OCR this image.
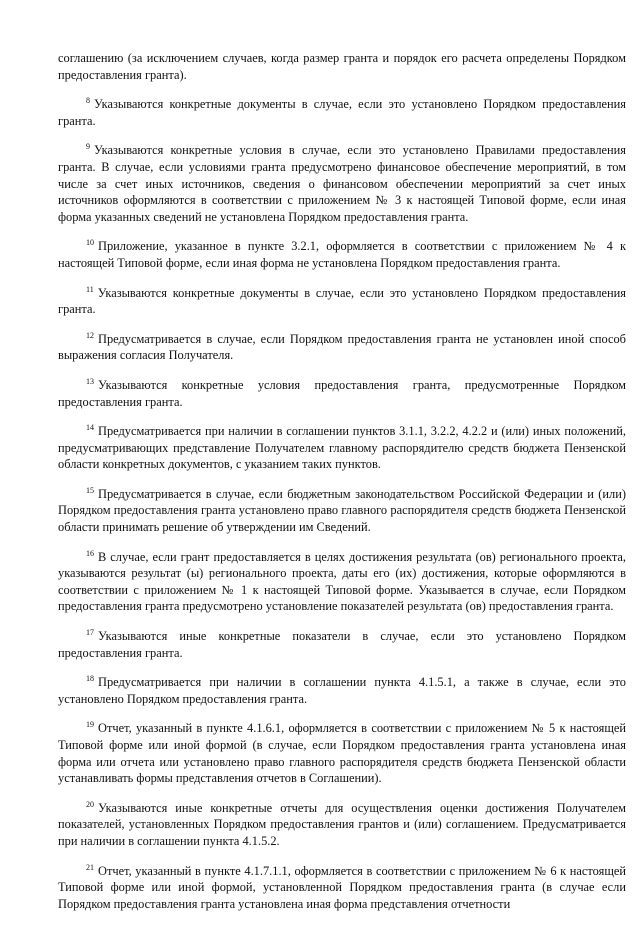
соглашению (за исключением случаев, когда размер гранта и порядок его расчета определены Порядком предоставления гранта).

$^8$ Указываются конкретные документы в случае, если это установлено Порядком предоставления гранта.

$^9$ Указываются конкретные условия в случае, если это установлено Правилами предоставления гранта. В случае, если условиями гранта предусмотрено финансовое обеспечение мероприятий, в том числе за счет иных источников, сведения о финансовом обеспечении мероприятий за счет иных источников оформляются в соответствии с приложением № 3 к настоящей Типовой форме, если иная форма указанных сведений не установлена Порядком предоставления гранта.

$^{10}$ Приложение, указанное в пункте 3.2.1, оформляется в соответствии с приложением № 4 к настоящей Типовой форме, если иная форма не установлена Порядком предоставления гранта.

$^{11}$ Указываются конкретные документы в случае, если это установлено Порядком предоставления гранта.

$^{12}$ Предусматривается в случае, если Порядком предоставления гранта не установлен иной способ выражения согласия Получателя.

$^{13}$ Указываются конкретные условия предоставления гранта, предусмотренные Порядком предоставления гранта.

$^{14}$ Предусматривается при наличии в соглашении пунктов 3.1.1, 3.2.2, 4.2.2 и (или) иных положений, предусматривающих представление Получателем главному распорядителю средств бюджета Пензенской области конкретных документов, с указанием таких пунктов.

$^{15}$ Предусматривается в случае, если бюджетным законодательством Российской Федерации и (или) Порядком предоставления гранта установлено право главного распорядителя средств бюджета Пензенской области принимать решение об утверждении им Сведений.

$^{16}$ В случае, если грант предоставляется в целях достижения результата (ов) регионального проекта, указываются результат (ы) регионального проекта, даты его (их) достижения, которые оформляются в соответствии с приложением № 1 к настоящей Типовой форме. Указывается в случае, если Порядком предоставления гранта предусмотрено установление показателей результата (ов) предоставления гранта.

$^{17}$ Указываются иные конкретные показатели в случае, если это установлено Порядком предоставления гранта.

$^{18}$ Предусматривается при наличии в соглашении пункта 4.1.5.1, а также в случае, если это установлено Порядком предоставления гранта.

$^{19}$ Отчет, указанный в пункте 4.1.6.1, оформляется в соответствии с приложением № 5 к настоящей Типовой форме или иной формой (в случае, если Порядком предоставления гранта установлена иная форма или отчета или установлено право главного распорядителя средств бюджета Пензенской области устанавливать формы представления отчетов в Соглашении).

$^{20}$ Указываются иные конкретные отчеты для осуществления оценки достижения Получателем показателей, установленных Порядком предоставления грантов и (или) соглашением. Предусматривается при наличии в соглашении пункта 4.1.5.2.

$^{21}$ Отчет, указанный в пункте 4.1.7.1.1, оформляется в соответствии с приложением № 6 к настоящей Типовой форме или иной формой, установленной Порядком предоставления гранта (в случае если Порядком предоставления гранта установлена иная форма представления отчетности
